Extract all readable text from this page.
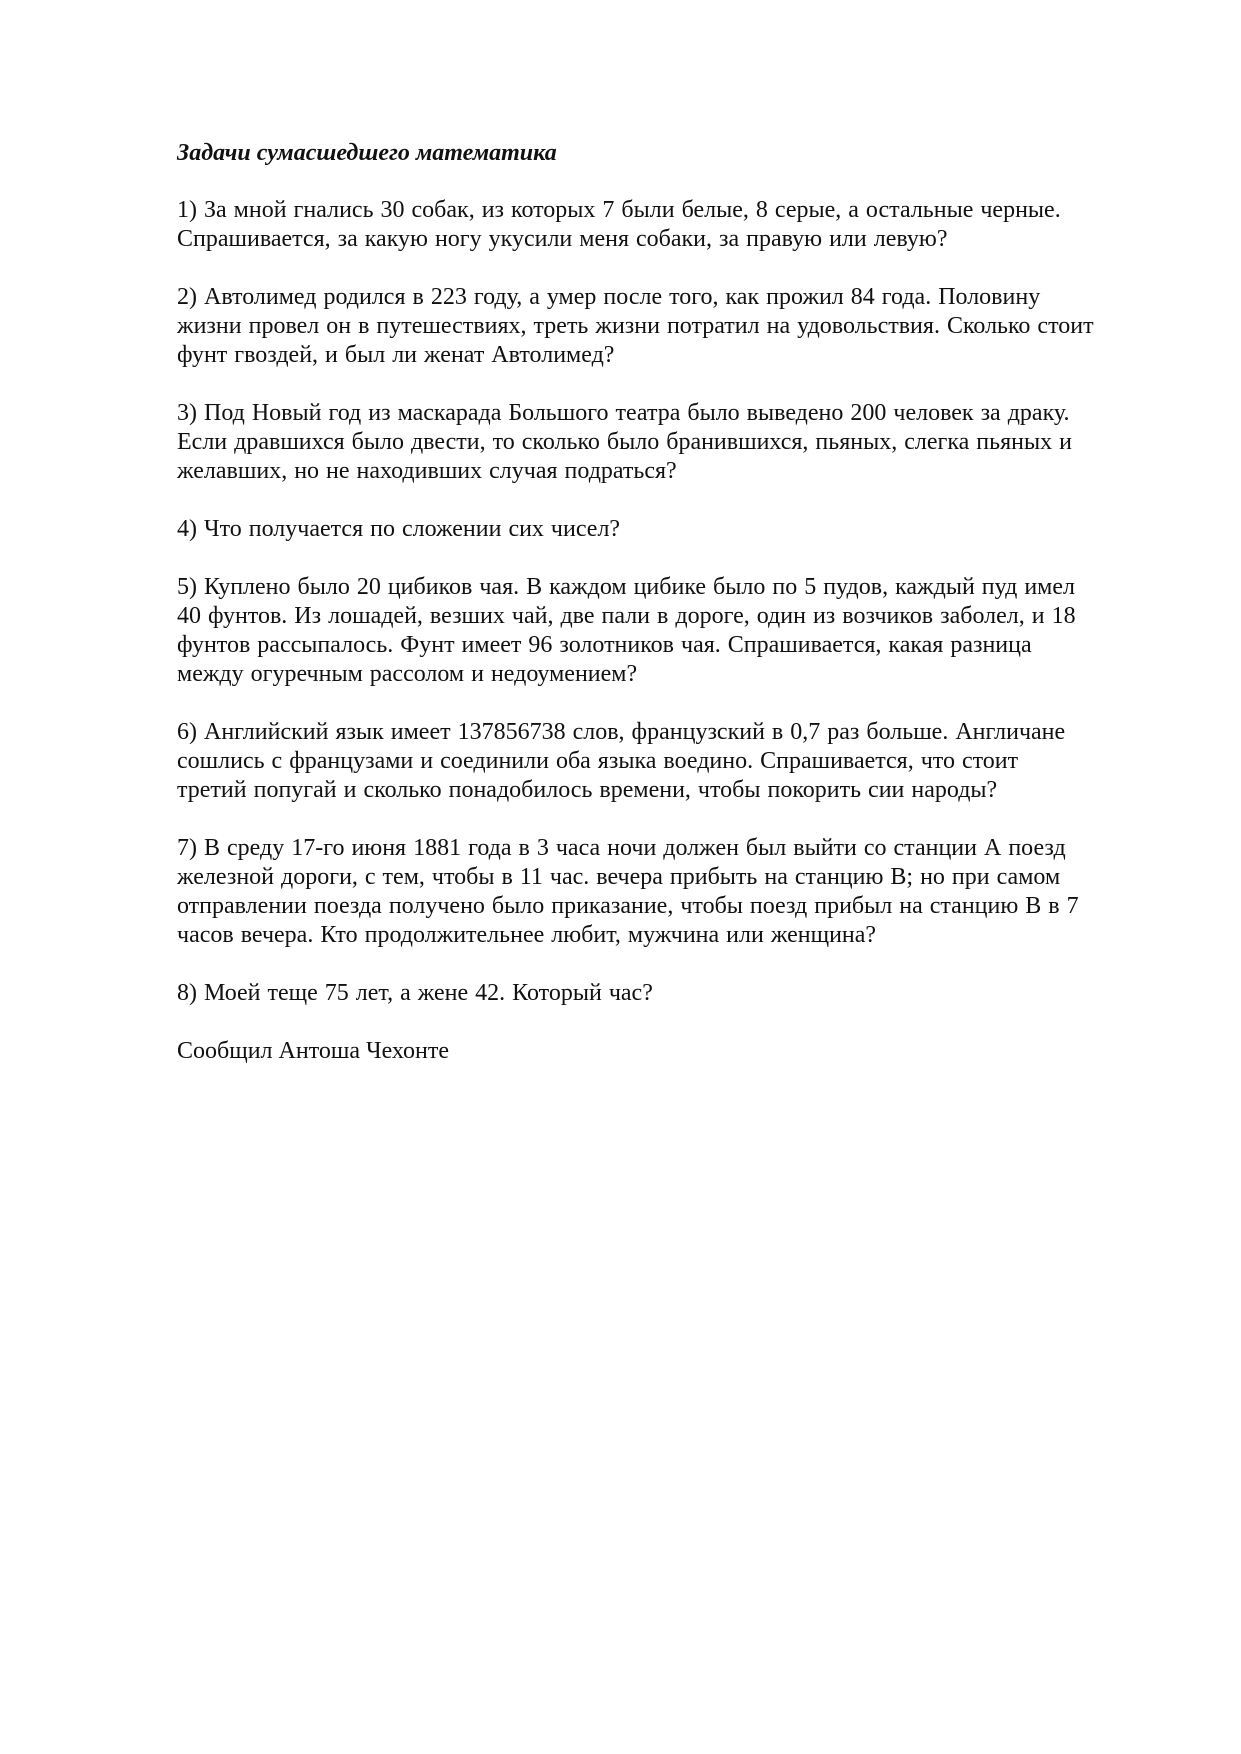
Задачи сумасшедшего математика
1) За мной гнались 30 собак, из которых 7 были белые, 8 серые, а остальные черные.
Спрашивается, за какую ногу укусили меня собаки, за правую или левую?
2) Автолимед родился в 223 году, а умер после того, как прожил 84 года. Половину
жизни провел он в путешествиях, треть жизни потратил на удовольствия. Сколько стоит
фунт гвоздей, и был ли женат Автолимед?
3) Под Новый год из маскарада Большого театра было выведено 200 человек за драку.
Если дравшихся было двести, то сколько было бранившихся, пьяных, слегка пьяных и
желавших, но не находивших случая подраться?
4) Что получается по сложении сих чисел?
5) Куплено было 20 цибиков чая. В каждом цибике было по 5 пудов, каждый пуд имел
40 фунтов. Из лошадей, везших чай, две пали в дороге, один из возчиков заболел, и 18
фунтов рассыпалось. Фунт имеет 96 золотников чая. Спрашивается, какая разница
между огуречным рассолом и недоумением?
6) Английский язык имеет 137856738 слов, французский в 0,7 раз больше. Англичане
сошлись с французами и соединили оба языка воедино. Спрашивается, что стоит
третий попугай и сколько понадобилось времени, чтобы покорить сии народы?
7) В среду 17-го июня 1881 года в 3 часа ночи должен был выйти со станции А поезд
железной дороги, с тем, чтобы в 11 час. вечера прибыть на станцию В; но при самом
отправлении поезда получено было приказание, чтобы поезд прибыл на станцию В в 7
часов вечера. Кто продолжительнее любит, мужчина или женщина?
8) Моей теще 75 лет, а жене 42. Который час?
Сообщил Антоша Чехонте
